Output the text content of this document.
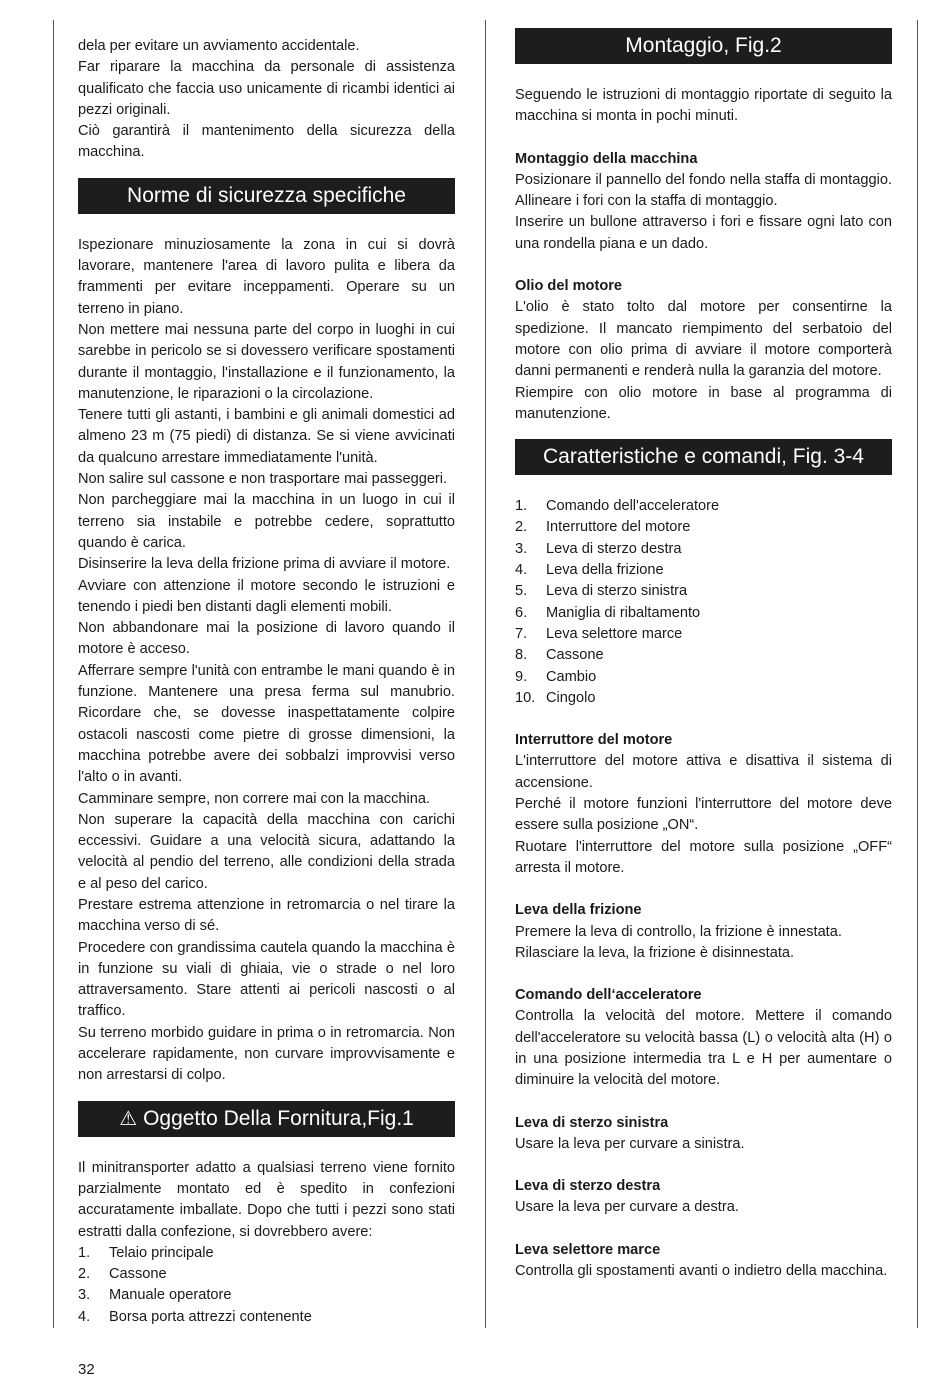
dela per evitare un avviamento accidentale.

Far riparare la macchina da personale di assistenza qualificato che faccia uso unicamente di ricambi identici ai pezzi originali.

Ciò garantirà il mantenimento della sicurezza della macchina.

Norme di sicurezza specifiche

Ispezionare minuziosamente la zona in cui si dovrà lavorare, mantenere l'area di lavoro pulita e libera da frammenti per evitare inceppamenti. Operare su un terreno in piano.

Non mettere mai nessuna parte del corpo in luoghi in cui sarebbe in pericolo se si dovessero verificare spostamenti durante il montaggio, l'installazione e il funzionamento, la manutenzione, le riparazioni o la circolazione.

Tenere tutti gli astanti, i bambini e gli animali domestici ad almeno 23 m (75 piedi) di distanza. Se si viene avvicinati da qualcuno arrestare immediatamente l'unità.

Non salire sul cassone e non trasportare mai passeggeri.

Non parcheggiare mai la macchina in un luogo in cui il terreno sia instabile e potrebbe cedere, soprattutto quando è carica.

Disinserire la leva della frizione prima di avviare il motore.

Avviare con attenzione il motore secondo le istruzioni e tenendo i piedi ben distanti dagli elementi mobili.

Non abbandonare mai la posizione di lavoro quando il motore è acceso.

Afferrare sempre l'unità con entrambe le mani quando è in funzione. Mantenere una presa ferma sul manubrio. Ricordare che, se dovesse inaspettatamente colpire ostacoli nascosti come pietre di grosse dimensioni, la macchina potrebbe avere dei sobbalzi improvvisi verso l'alto o in avanti.

Camminare sempre, non correre mai con la macchina.

Non superare la capacità della macchina con carichi eccessivi. Guidare a una velocità sicura, adattando la velocità al pendio del terreno, alle condizioni della strada e al peso del carico.

Prestare estrema attenzione in retromarcia o nel tirare la macchina verso di sé.

Procedere con grandissima cautela quando la macchina è in funzione su viali di ghiaia, vie o strade o nel loro attraversamento. Stare attenti ai pericoli nascosti o al traffico.

Su terreno morbido guidare in prima o in retromarcia. Non accelerare rapidamente, non curvare improvvisamente e non arrestarsi di colpo.

⚠ Oggetto Della Fornitura,Fig.1

Il minitransporter adatto a qualsiasi terreno viene fornito parzialmente montato ed è spedito in confezioni accuratamente imballate. Dopo che tutti i pezzi sono stati estratti dalla confezione, si dovrebbero avere:

1.	Telaio principale
2.	Cassone
3.	Manuale operatore
4.	Borsa porta attrezzi contenente
Montaggio, Fig.2

Seguendo le istruzioni di montaggio riportate di seguito la macchina si monta in pochi minuti.

Montaggio della macchina

Posizionare il pannello del fondo nella staffa di montaggio. Allineare i fori con la staffa di montaggio.

Inserire un bullone attraverso i fori e fissare ogni lato con una rondella piana e un dado.

Olio del motore

L'olio è stato tolto dal motore per consentirne la spedizione. Il mancato riempimento del serbatoio del motore con olio prima di avviare il motore comporterà danni permanenti e renderà nulla la garanzia del motore.

Riempire con olio motore in base al programma di manutenzione.

Caratteristiche e comandi, Fig. 3-4
1.	Comando dell'acceleratore
2.	Interruttore del motore
3.	Leva di sterzo destra
4.	Leva della frizione
5.	Leva di sterzo sinistra
6.	Maniglia di ribaltamento
7.	Leva selettore marce
8.	Cassone
9.	Cambio
10. Cingolo

Interruttore del motore

L'interruttore del motore attiva e disattiva il sistema di accensione.

Perché il motore funzioni l'interruttore del motore deve essere sulla posizione „ON“.

Ruotare l'interruttore del motore sulla posizione „OFF“ arresta il motore.

Leva della frizione

Premere la leva di controllo, la frizione è innestata.

Rilasciare la leva, la frizione è disinnestata.

Comando dell‘acceleratore

Controlla la velocità del motore. Mettere il comando dell'acceleratore su velocità bassa (L) o velocità alta (H) o in una posizione intermedia tra L e H per aumentare o diminuire la velocità del motore.

Leva di sterzo sinistra

Usare la leva per curvare a sinistra.

Leva di sterzo destra

Usare la leva per curvare a destra.

Leva selettore marce

Controlla gli spostamenti avanti o indietro della macchina.

32
